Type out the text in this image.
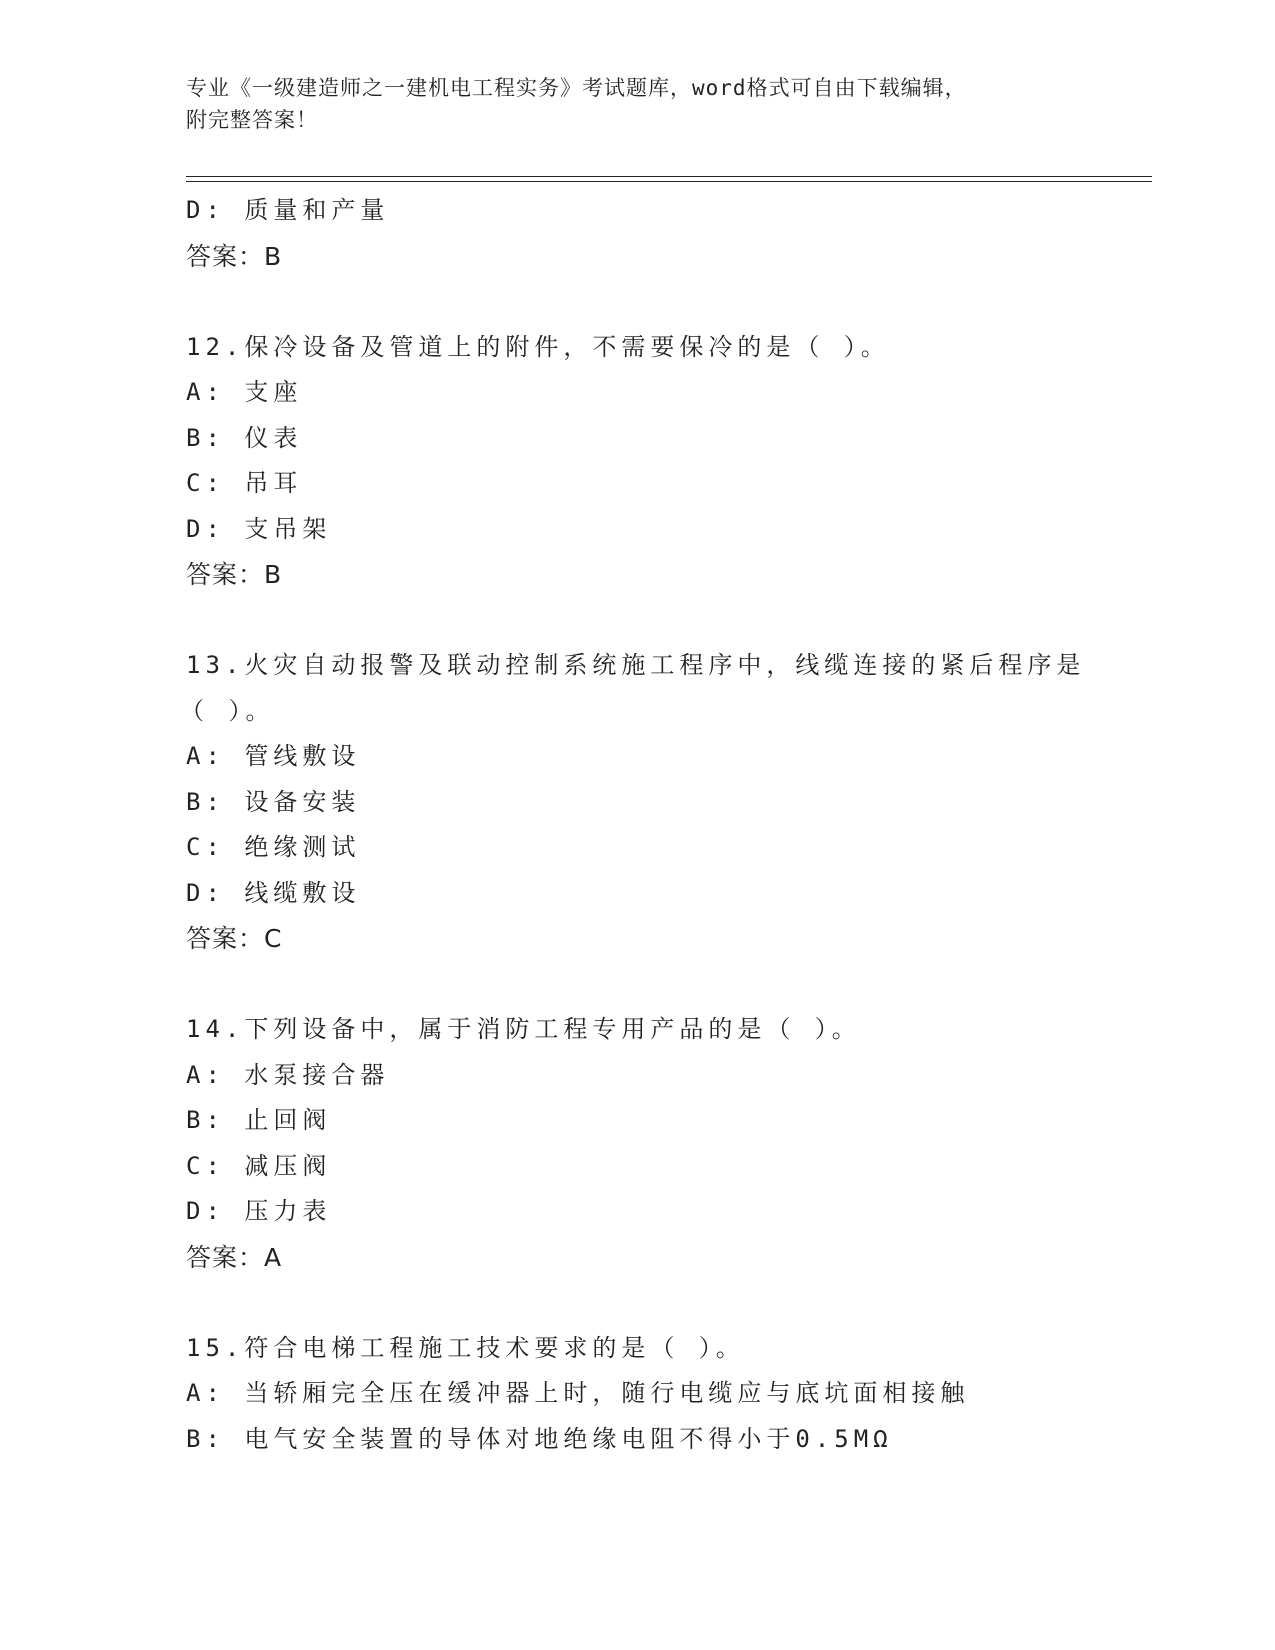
专业《一级建造师之一建机电工程实务》考试题库，word格式可自由下载编辑，
附完整答案！
D: 质量和产量
答案：B
12.保冷设备及管道上的附件，不需要保冷的是（ ）。
A: 支座
B: 仪表
C: 吊耳
D: 支吊架
答案：B
13.火灾自动报警及联动控制系统施工程序中，线缆连接的紧后程序是
（ ）。
A: 管线敷设
B: 设备安装
C: 绝缘测试
D: 线缆敷设
答案：C
14.下列设备中，属于消防工程专用产品的是（ ）。
A: 水泵接合器
B: 止回阀
C: 减压阀
D: 压力表
答案：A
15.符合电梯工程施工技术要求的是（ ）。
A: 当轿厢完全压在缓冲器上时，随行电缆应与底坑面相接触
B: 电气安全装置的导体对地绝缘电阻不得小于0.5MΩ
